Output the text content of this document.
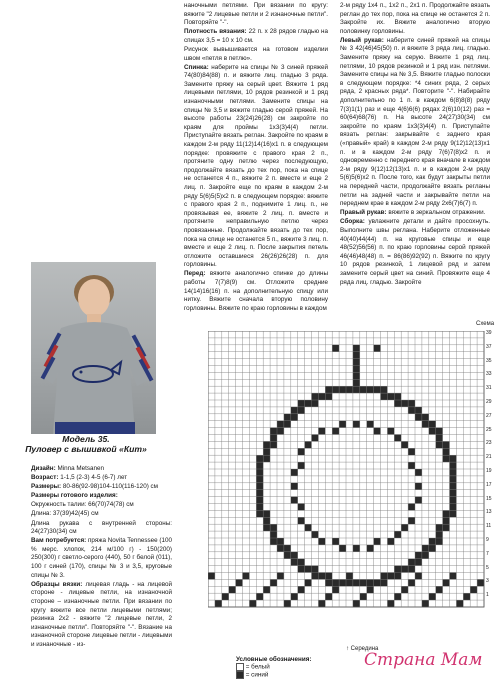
Модель 35.
Пуловер с вышивкой «Кит»

Дизайн: Minna Metsanen

Возраст: 1-1,5 (2-3) 4-5 (6-7) лет

Размеры: 80-86(92-98)104-110(116-120) см

Размеры готового изделия:

Окружность талии: 66(70)74(78) см

Длина: 37(39)42(45) см

Длина рукава с внутренней стороны: 24(27)30(34) см

Вам потребуется: пряжа Novita Tennessee (100 % мерс. хлопок, 214 м/100 г) - 150(200) 250(300) г светло-серого (440), 50 г белой (011), 100 г синей (170), спицы № 3 и 3,5, круговые спицы № 3.

Образцы вязки: лицевая гладь - на лицевой стороне - лицевые петли, на изнаночной стороне – изнаночные петли. При вязании по кругу вяжите все петли лицевыми петлями; резинка 2x2 - вяжите "2 лицевые петли, 2 изнаночные петли". Повторяйте "-". Вязание на изнаночной стороне лицевые петли - лицевыми и изнаночные - из-

наночными петлями. При вязании по кругу: вяжите "2 лицевые петли и 2 изнаночные петли". Повторяйте "-".

Плотность вязания: 22 п. x 28 рядов гладью на спицах 3,5 = 10 x 10 см.

Рисунок вывышивается на готовом изделии швом «петля в петлю».

Спинка: наберите на спицы № 3 синей пряжей 74(80)84(88) п. и вяжите лиц. гладью 3 ряда. Замените пряжу на серый цвет. Вяжите 1 ряд лицевыми петлями, 10 рядов резинкой и 1 ряд изнаночными петлями. Замените спицы на спицы № 3,5 и вяжите гладью серой пряжей. На высоте работы 23(24)26(28) см закройте по краям для проймы 1x3(3)4(4) петли. Приступайте вязать реглан. Закройте по краям в каждом 2-м ряду 11(12)14(16)x1 п. в следующем порядке: провяжите с правого края 2 п., протяните одну петлю через последующую, продолжайте вязать до тех пор, пока на спице не останется 4 п., вяжите 2 п. вместе и еще 2 лиц. п. Закройте еще по краям в каждом 2-м ряду 5(6)5(5)x2 п. в следующем порядке: вяжите с правого края 2 п., поднимите 1 лиц. п., не провязывая ее, вяжите 2 лиц. п. вместе и протяните неправильную петлю через провязанные. Продолжайте вязать до тех пор, пока на спице не останется 5 п., вяжите 3 лиц. п. вместе и еще 2 лиц. п. После закрытия петель отложите оставшиеся 26(26)26(28) п. для горловины.

Перед: вяжите аналогично спинке до длины работы 7(7)8(9) см. Отложите средние 14(14)16(16) п. на дополнительную спицу или нитку. Вяжите сначала вторую половину горловины. Вяжите по краю горловины в каждом

2-м ряду 1x4 п., 1x2 п., 2x1 п. Продолжайте вязать реглан до тех пор, пока на спице не останется 2 п. Закройте их. Вяжите аналогично вторую половинку горловины.

Левый рукав: наберите синей пряжей на спицы № 3 42(46)45(50) п. и вяжите 3 ряда лиц. гладью. Замените пряжу на серую. Вяжите 1 ряд лиц. петлями, 10 рядов резинкой и 1 ряд изн. петлями. Замените спицы на № 3,5. Вяжите гладью полоски в следующем порядке: *4 синих ряда, 2 серых ряда, 2 красных ряда*. Повторите "-". Набирайте дополнительно по 1 п. в каждом 6(8)8(8) ряду 7(3)1(1) раз и еще 4(6)6(6) рядах 2(6)10(12) раз = 60(64)68(76) п. На высоте 24(27)30(34) см закройте по краям 1x3(3)4(4) п. Приступайте вязать реглан: закрывайте с заднего края («правый» край) в каждом 2-м ряду 9(12)12(13)x1 п. и в каждом 2-м ряду 7(6)7(8)x2 п. и одновременно с переднего края вначале в каждом 2-м ряду 9(12)12(13)x1 п. и в каждом 2-м ряду 5(6)5(6)x2 п. После того, как будут закрыты петли на передней части, продолжайте вязать регланы петли на задней части и закрывайте петли на переднем крае в каждом 2-м ряду 2x6(7)6(7) п.

Правый рукав: вяжите в зеркальном отражении.

Сборка: увлажните детали и дайте просохнуть. Выполните швы реглана. Наберите отложенные 40(40)44(44) п. на круговые спицы и еще 48(52)56(56) п. по краю горловины серой пряжей 46(46)48(48) п. = 86(86)92(92) п. Вяжите по кругу 10 рядов резинкой, 1 лицевой ряд и затем замените серый цвет на синий. Провяжите еще 4 ряда лиц. гладью. Закройте

Схема
39
37
35
33
31
29
27
25
23
21
19
17
15
13
11
9
7
5
3
1
↑ Середина
Условные обозначения:
= белый
= синий
Страна Мам
